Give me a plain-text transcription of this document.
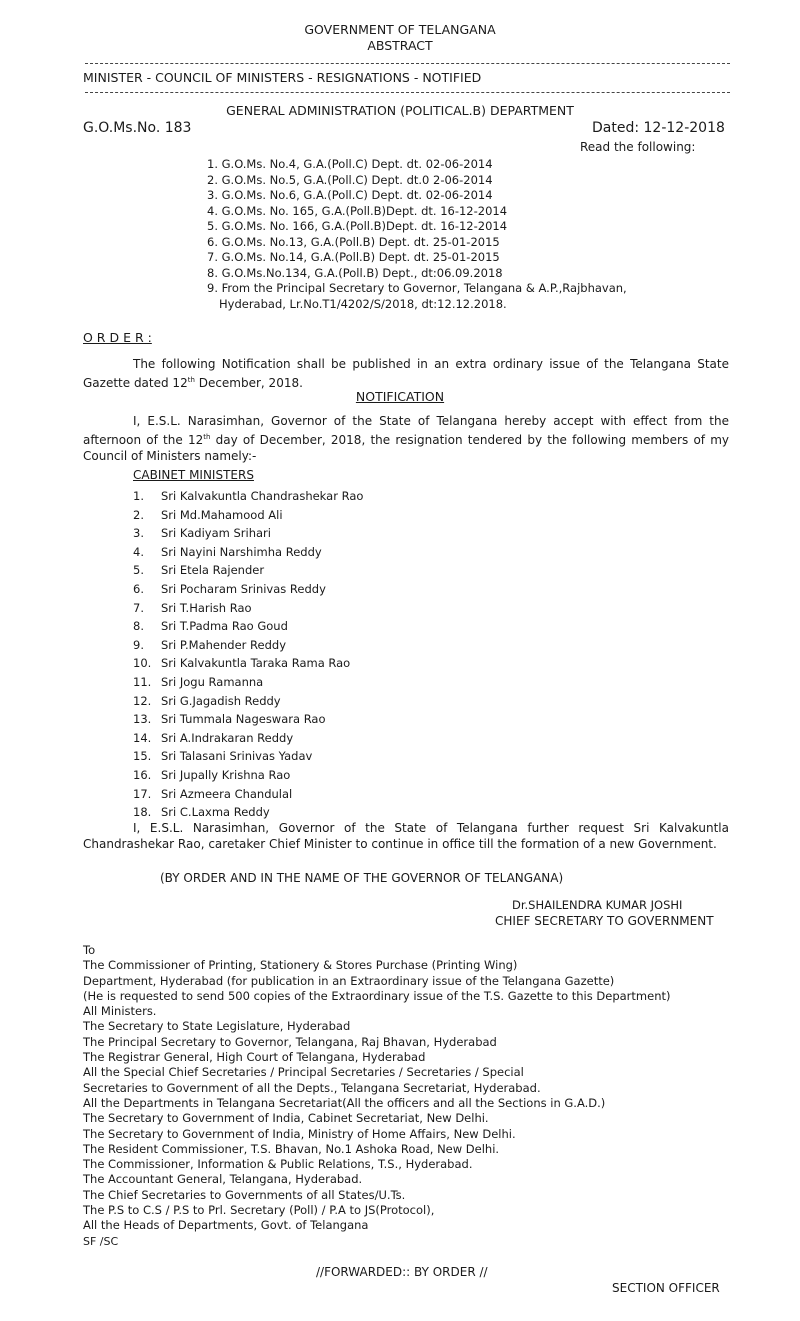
GOVERNMENT OF TELANGANA
ABSTRACT
MINISTER - COUNCIL OF MINISTERS - RESIGNATIONS - NOTIFIED
GENERAL ADMINISTRATION (POLITICAL.B) DEPARTMENT
G.O.Ms.No. 183	Dated: 12-12-2018
Read the following:
1. G.O.Ms. No.4, G.A.(Poll.C) Dept. dt. 02-06-2014
2. G.O.Ms. No.5, G.A.(Poll.C) Dept. dt.0 2-06-2014
3. G.O.Ms. No.6, G.A.(Poll.C) Dept. dt. 02-06-2014
4. G.O.Ms. No. 165, G.A.(Poll.B)Dept. dt. 16-12-2014
5. G.O.Ms. No. 166, G.A.(Poll.B)Dept. dt. 16-12-2014
6. G.O.Ms. No.13, G.A.(Poll.B) Dept. dt. 25-01-2015
7. G.O.Ms. No.14, G.A.(Poll.B) Dept. dt. 25-01-2015
8. G.O.Ms.No.134, G.A.(Poll.B) Dept., dt:06.09.2018
9. From the Principal Secretary to Governor, Telangana & A.P.,Rajbhavan,
Hyderabad, Lr.No.T1/4202/S/2018, dt:12.12.2018.
O R D E R :
The following Notification shall be published in an extra ordinary issue of the Telangana State Gazette dated 12th December, 2018.
NOTIFICATION
I, E.S.L. Narasimhan, Governor of the State of Telangana hereby accept with effect from the afternoon of the 12th day of December, 2018, the resignation tendered by the following members of my Council of Ministers namely:-
CABINET MINISTERS
1. Sri Kalvakuntla Chandrashekar Rao
2. Sri Md.Mahamood Ali
3. Sri Kadiyam Srihari
4. Sri Nayini Narshimha Reddy
5. Sri Etela Rajender
6. Sri Pocharam Srinivas Reddy
7. Sri T.Harish Rao
8. Sri T.Padma Rao Goud
9. Sri P.Mahender Reddy
10. Sri Kalvakuntla Taraka Rama Rao
11. Sri Jogu Ramanna
12. Sri G.Jagadish Reddy
13. Sri Tummala Nageswara Rao
14. Sri A.Indrakaran Reddy
15. Sri Talasani Srinivas Yadav
16. Sri Jupally Krishna Rao
17. Sri Azmeera Chandulal
18. Sri C.Laxma Reddy
I, E.S.L. Narasimhan, Governor of the State of Telangana further request Sri Kalvakuntla Chandrashekar Rao, caretaker Chief Minister to continue in office till the formation of a new Government.
(BY ORDER AND IN THE NAME OF THE GOVERNOR OF TELANGANA)
Dr.SHAILENDRA KUMAR JOSHI
CHIEF SECRETARY TO GOVERNMENT
To
The Commissioner of Printing, Stationery & Stores Purchase (Printing Wing)
Department, Hyderabad (for publication in an Extraordinary issue of the Telangana Gazette)
(He is requested to send 500 copies of the Extraordinary issue of the T.S. Gazette to this Department)
All Ministers.
The Secretary to State Legislature, Hyderabad
The Principal Secretary to Governor, Telangana, Raj Bhavan, Hyderabad
The Registrar General, High Court of Telangana, Hyderabad
All the Special Chief Secretaries / Principal Secretaries / Secretaries / Special
Secretaries to Government of all the Depts., Telangana Secretariat, Hyderabad.
All the Departments in Telangana Secretariat(All the officers and all the Sections in G.A.D.)
The Secretary to Government of India, Cabinet Secretariat, New Delhi.
The Secretary to Government of India, Ministry of Home Affairs, New Delhi.
The Resident Commissioner, T.S. Bhavan, No.1 Ashoka Road, New Delhi.
The Commissioner, Information & Public Relations, T.S., Hyderabad.
The Accountant General, Telangana, Hyderabad.
The Chief Secretaries to Governments of all States/U.Ts.
The P.S to C.S / P.S to Prl. Secretary (Poll) / P.A to JS(Protocol),
All the Heads of Departments, Govt. of Telangana
SF /SC
//FORWARDED:: BY ORDER //
SECTION OFFICER
